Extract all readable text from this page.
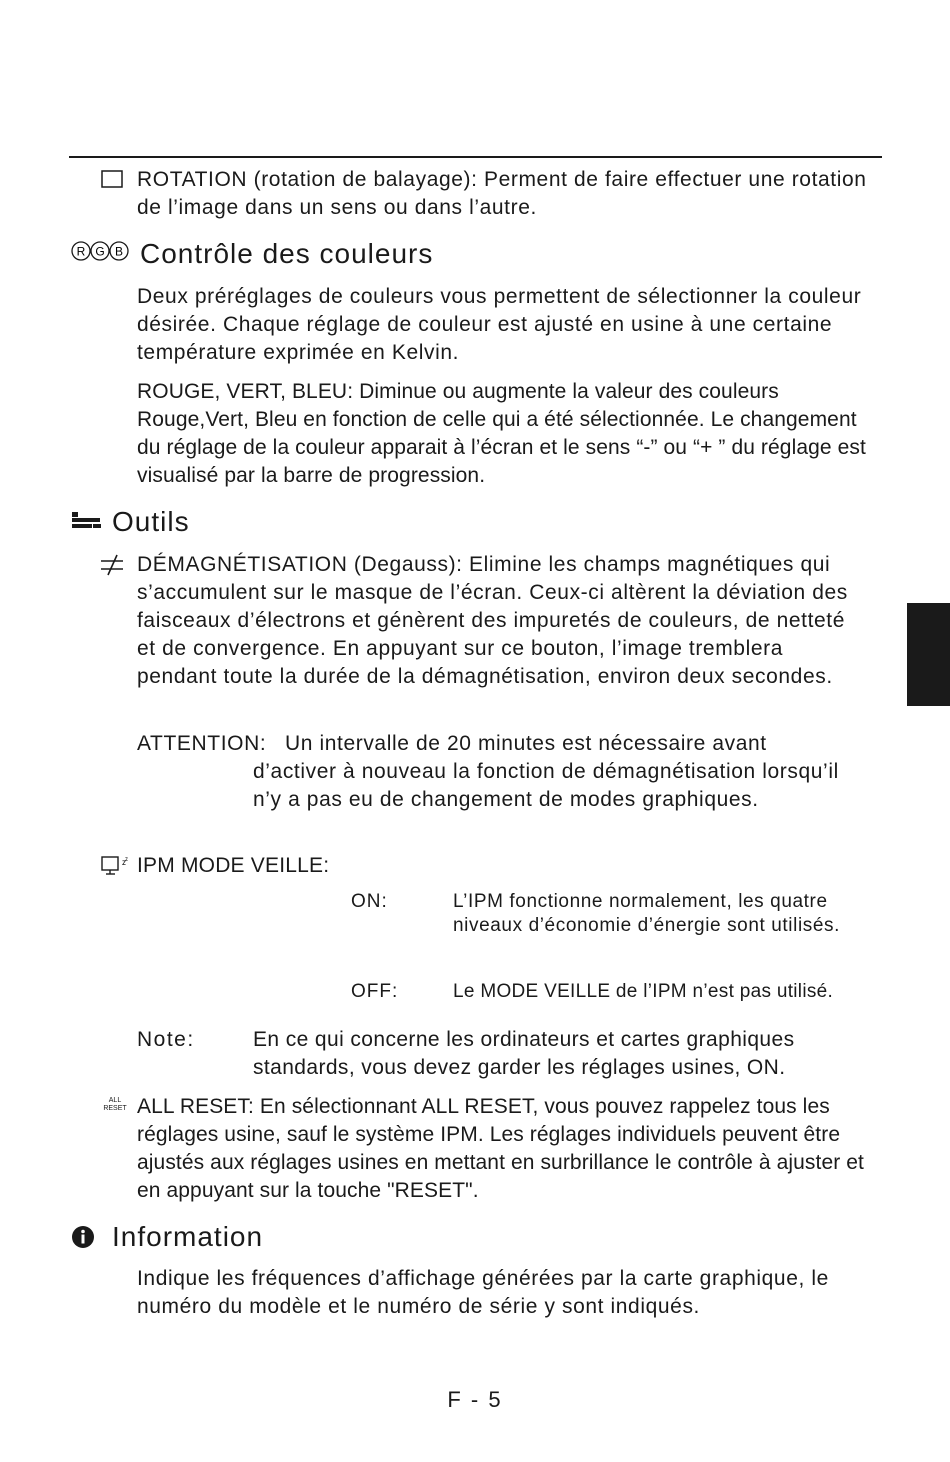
ROTATION (rotation de balayage): Perment de faire effectuer une rotation de l’image dans un sens ou dans l’autre.

R G B Contrôle des couleurs

Deux préréglages de couleurs vous permettent de sélectionner la couleur désirée. Chaque réglage de couleur est ajusté en usine à une certaine température exprimée en Kelvin.

ROUGE, VERT, BLEU: Diminue ou augmente la valeur des couleurs Rouge,Vert, Bleu en fonction de celle qui a été sélectionnée. Le changement du réglage de la couleur apparait à l’écran et le sens “-” ou “+ ” du réglage est visualisé par la barre de progression.

Outils

DÉMAGNÉTISATION (Degauss): Elimine les champs magnétiques qui s’accumulent sur le masque de l’écran. Ceux-ci altèrent la déviation des faisceaux d’électrons et génèrent des impuretés de couleurs, de netteté et de convergence. En appuyant sur ce bouton, l’image tremblera pendant toute la durée de la démagnétisation, environ deux secondes.

ATTENTION: Un intervalle de 20 minutes est nécessaire avant d’activer à nouveau la fonction de démagnétisation lorsqu’il n’y a pas eu de changement de modes graphiques.

z z IPM MODE VEILLE:

ON:	L’IPM fonctionne normalement, les quatre niveaux d’économie d’énergie sont utilisés.

OFF:	Le MODE VEILLE de l’IPM n’est pas utilisé.

Note:	En ce qui concerne les ordinateurs et cartes graphiques standards, vous devez garder les réglages usines, ON.

ALL
RESET ALL RESET: En sélectionnant ALL RESET, vous pouvez rappelez tous les réglages usine, sauf le système IPM. Les réglages individuels peuvent être ajustés aux réglages usines en mettant en surbrillance le contrôle à ajuster et en appuyant sur la touche "RESET".

Information

Indique les fréquences d’affichage générées par la carte graphique, le numéro du modèle et le numéro de série y sont indiqués.

F - 5
